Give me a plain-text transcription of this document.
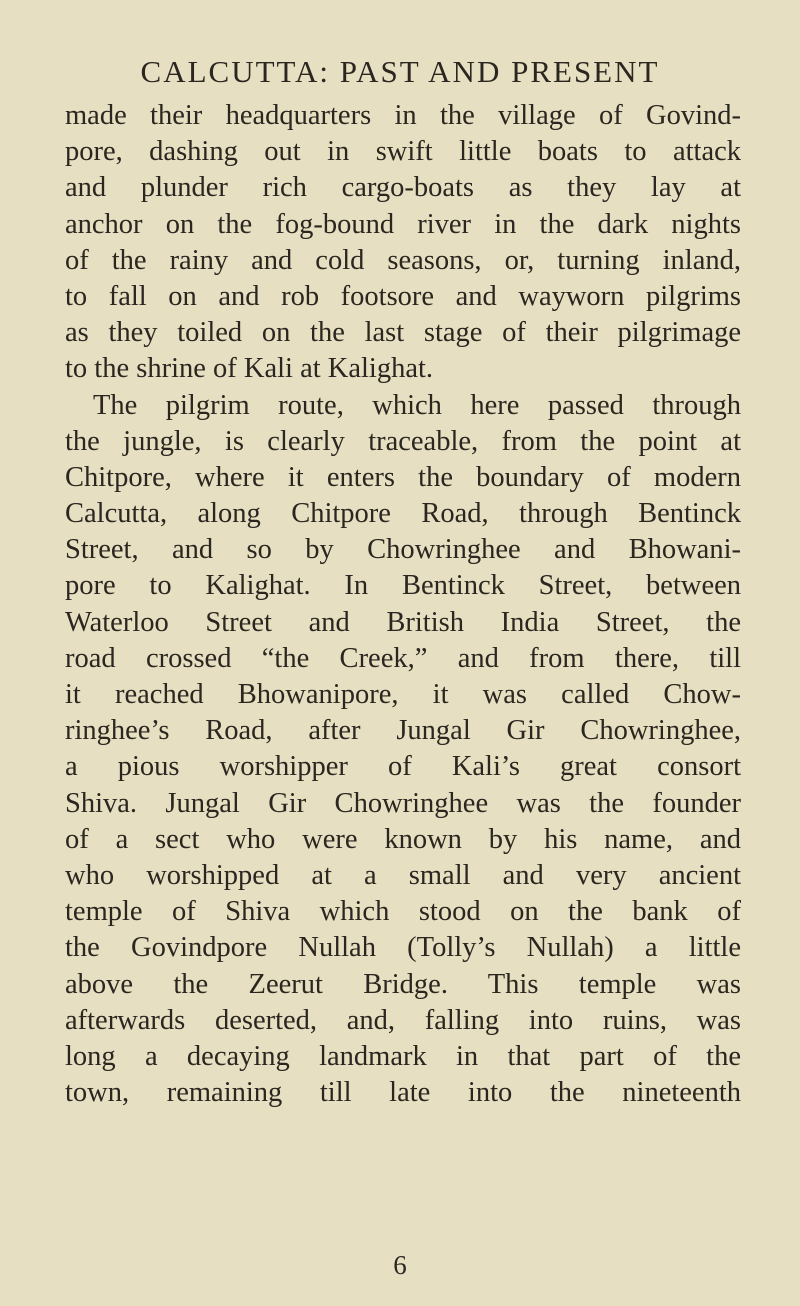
CALCUTTA: PAST AND PRESENT
made their headquarters in the village of Govind-
pore, dashing out in swift little boats to attack
and plunder rich cargo-boats as they lay at
anchor on the fog-bound river in the dark nights
of the rainy and cold seasons, or, turning inland,
to fall on and rob footsore and wayworn pilgrims
as they toiled on the last stage of their pilgrimage
to the shrine of Kali at Kalighat.
The pilgrim route, which here passed through
the jungle, is clearly traceable, from the point at
Chitpore, where it enters the boundary of modern
Calcutta, along Chitpore Road, through Bentinck
Street, and so by Chowringhee and Bhowani-
pore to Kalighat. In Bentinck Street, between
Waterloo Street and British India Street, the
road crossed “the Creek,” and from there, till
it reached Bhowanipore, it was called Chow-
ringhee’s Road, after Jungal Gir Chowringhee,
a pious worshipper of Kali’s great consort
Shiva. Jungal Gir Chowringhee was the founder
of a sect who were known by his name, and
who worshipped at a small and very ancient
temple of Shiva which stood on the bank of
the Govindpore Nullah (Tolly’s Nullah) a little
above the Zeerut Bridge. This temple was
afterwards deserted, and, falling into ruins, was
long a decaying landmark in that part of the
town, remaining till late into the nineteenth
6
